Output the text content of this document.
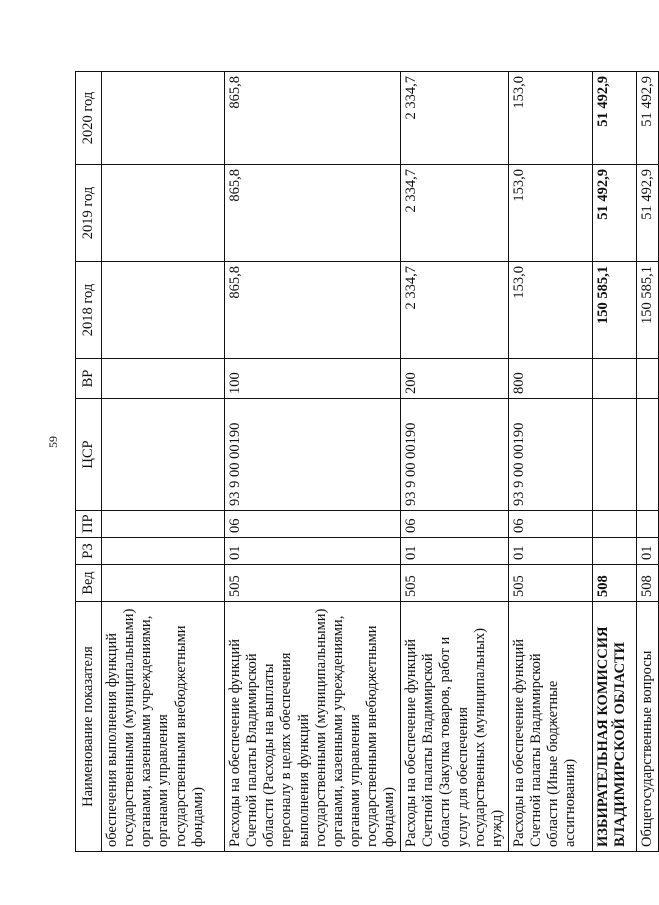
59
Наименование показателя	Вед	РЗ	ПР	ЦСР	ВР	2018 год	2019 год	2020 год
обеспечения выполнения функций государственными (муниципальными) органами, казенными учреждениями, органами управления государственными внебюджетными фондами)								
Расходы на обеспечение функций Счетной палаты Владимирской области (Расходы на выплаты персоналу в целях обеспечения выполнения функций государственными (муниципальными) органами, казенными учреждениями, органами управления государственными внебюджетными фондами)	505	01	06	93 9 00 00190	100	865,8	865,8	865,8
Расходы на обеспечение функций Счетной палаты Владимирской области (Закупка товаров, работ и услуг для обеспечения государственных (муниципальных) нужд)	505	01	06	93 9 00 00190	200	2 334,7	2 334,7	2 334,7
Расходы на обеспечение функций Счетной палаты Владимирской области (Иные бюджетные ассигнования)	505	01	06	93 9 00 00190	800	153,0	153,0	153,0
ИЗБИРАТЕЛЬНАЯ КОМИССИЯ ВЛАДИМИРСКОЙ ОБЛАСТИ	508					150 585,1	51 492,9	51 492,9
Общегосударственные вопросы	508	01				150 585,1	51 492,9	51 492,9
